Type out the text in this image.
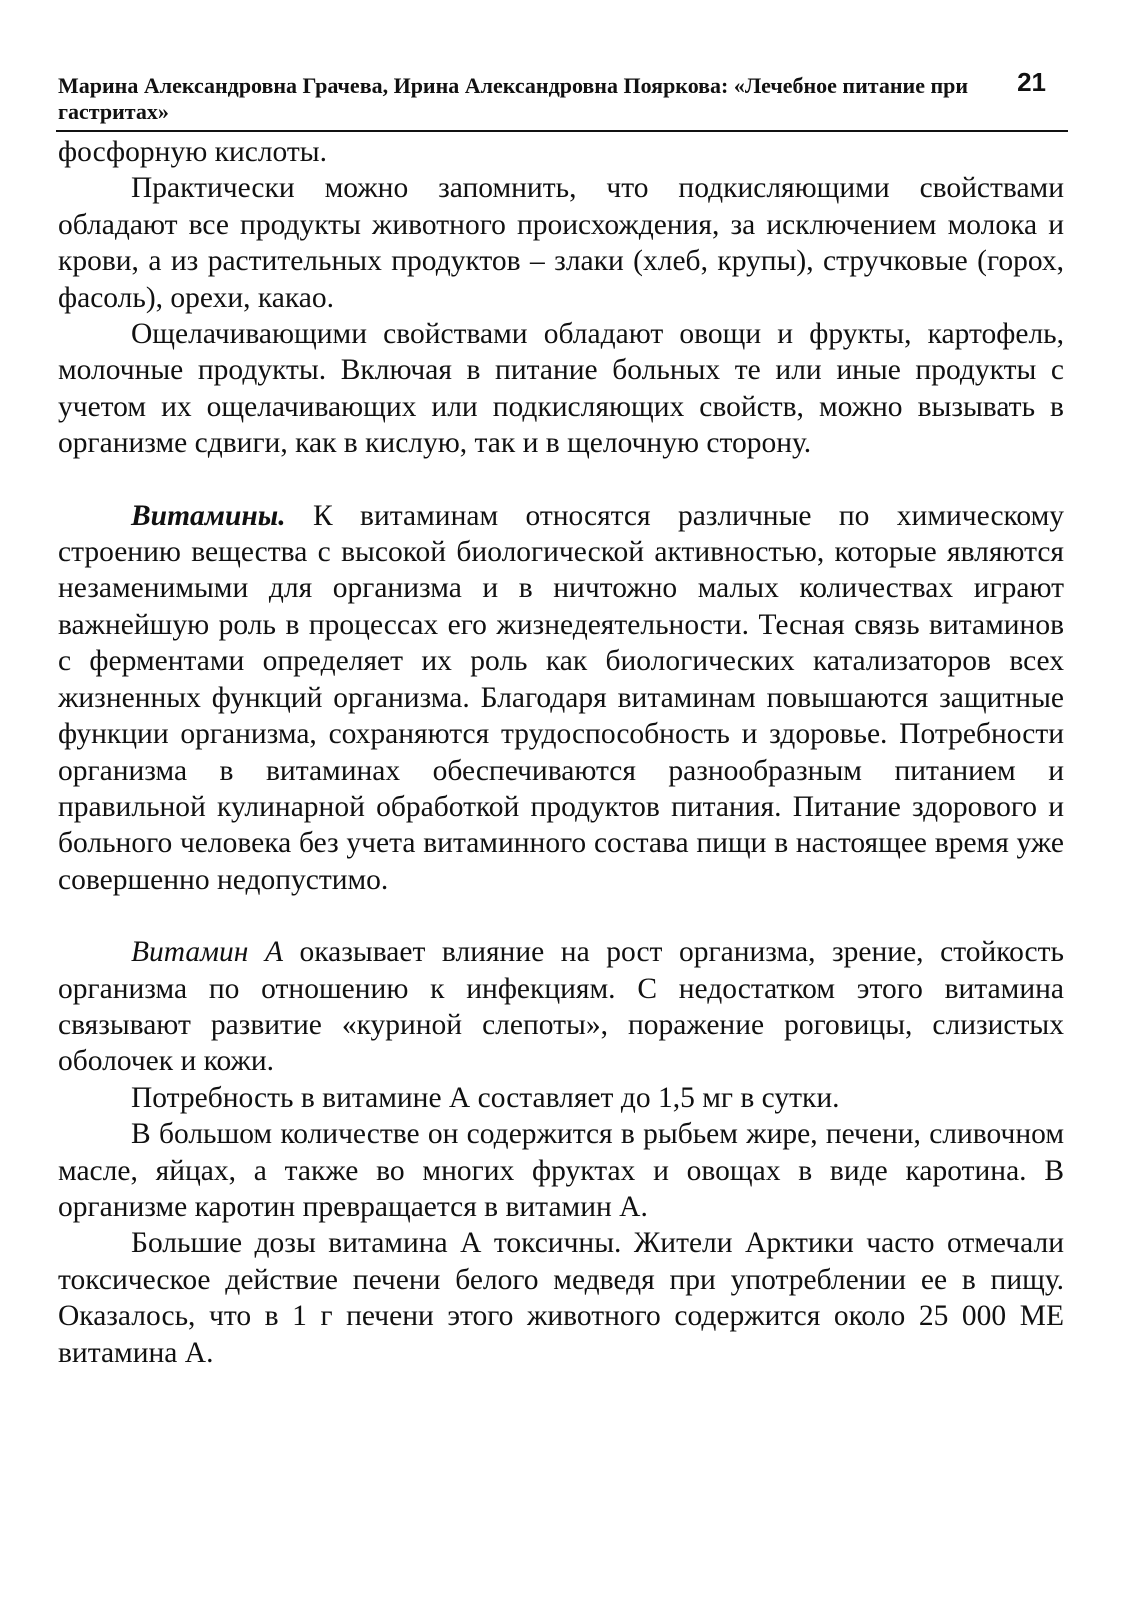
Марина Александровна Грачева, Ирина Александровна Пояркова: «Лечебное питание при гастритах»
21

фосфорную кислоты.

Практически можно запомнить, что подкисляющими свойствами обладают все продукты животного происхождения, за исключением молока и крови, а из растительных продуктов – злаки (хлеб, крупы), стручковые (горох, фасоль), орехи, какао.

Ощелачивающими свойствами обладают овощи и фрукты, картофель, молочные продукты. Включая в питание больных те или иные продукты с учетом их ощелачивающих или подкисляющих свойств, можно вызывать в организме сдвиги, как в кислую, так и в щелочную сторону.

Витамины. К витаминам относятся различные по химическому строению вещества с высокой биологической активностью, которые являются незаменимыми для организма и в ничтожно малых количествах играют важнейшую роль в процессах его жизнедеятельности. Тесная связь витаминов с ферментами определяет их роль как биологических катализаторов всех жизненных функций организма. Благодаря витаминам повышаются защитные функции организма, сохраняются трудоспособность и здоровье. Потребности организма в витаминах обеспечиваются разнообразным питанием и правильной кулинарной обработкой продуктов питания. Питание здорового и больного человека без учета витаминного состава пищи в настоящее время уже совершенно недопустимо.

Витамин А оказывает влияние на рост организма, зрение, стойкость организма по отношению к инфекциям. С недостатком этого витамина связывают развитие «куриной слепоты», поражение роговицы, слизистых оболочек и кожи.

Потребность в витамине А составляет до 1,5 мг в сутки.

В большом количестве он содержится в рыбьем жире, печени, сливочном масле, яйцах, а также во многих фруктах и овощах в виде каротина. В организме каротин превращается в витамин А.

Большие дозы витамина А токсичны. Жители Арктики часто отмечали токсическое действие печени белого медведя при употреблении ее в пищу. Оказалось, что в 1 г печени этого животного содержится около 25 000 МЕ витамина А.
